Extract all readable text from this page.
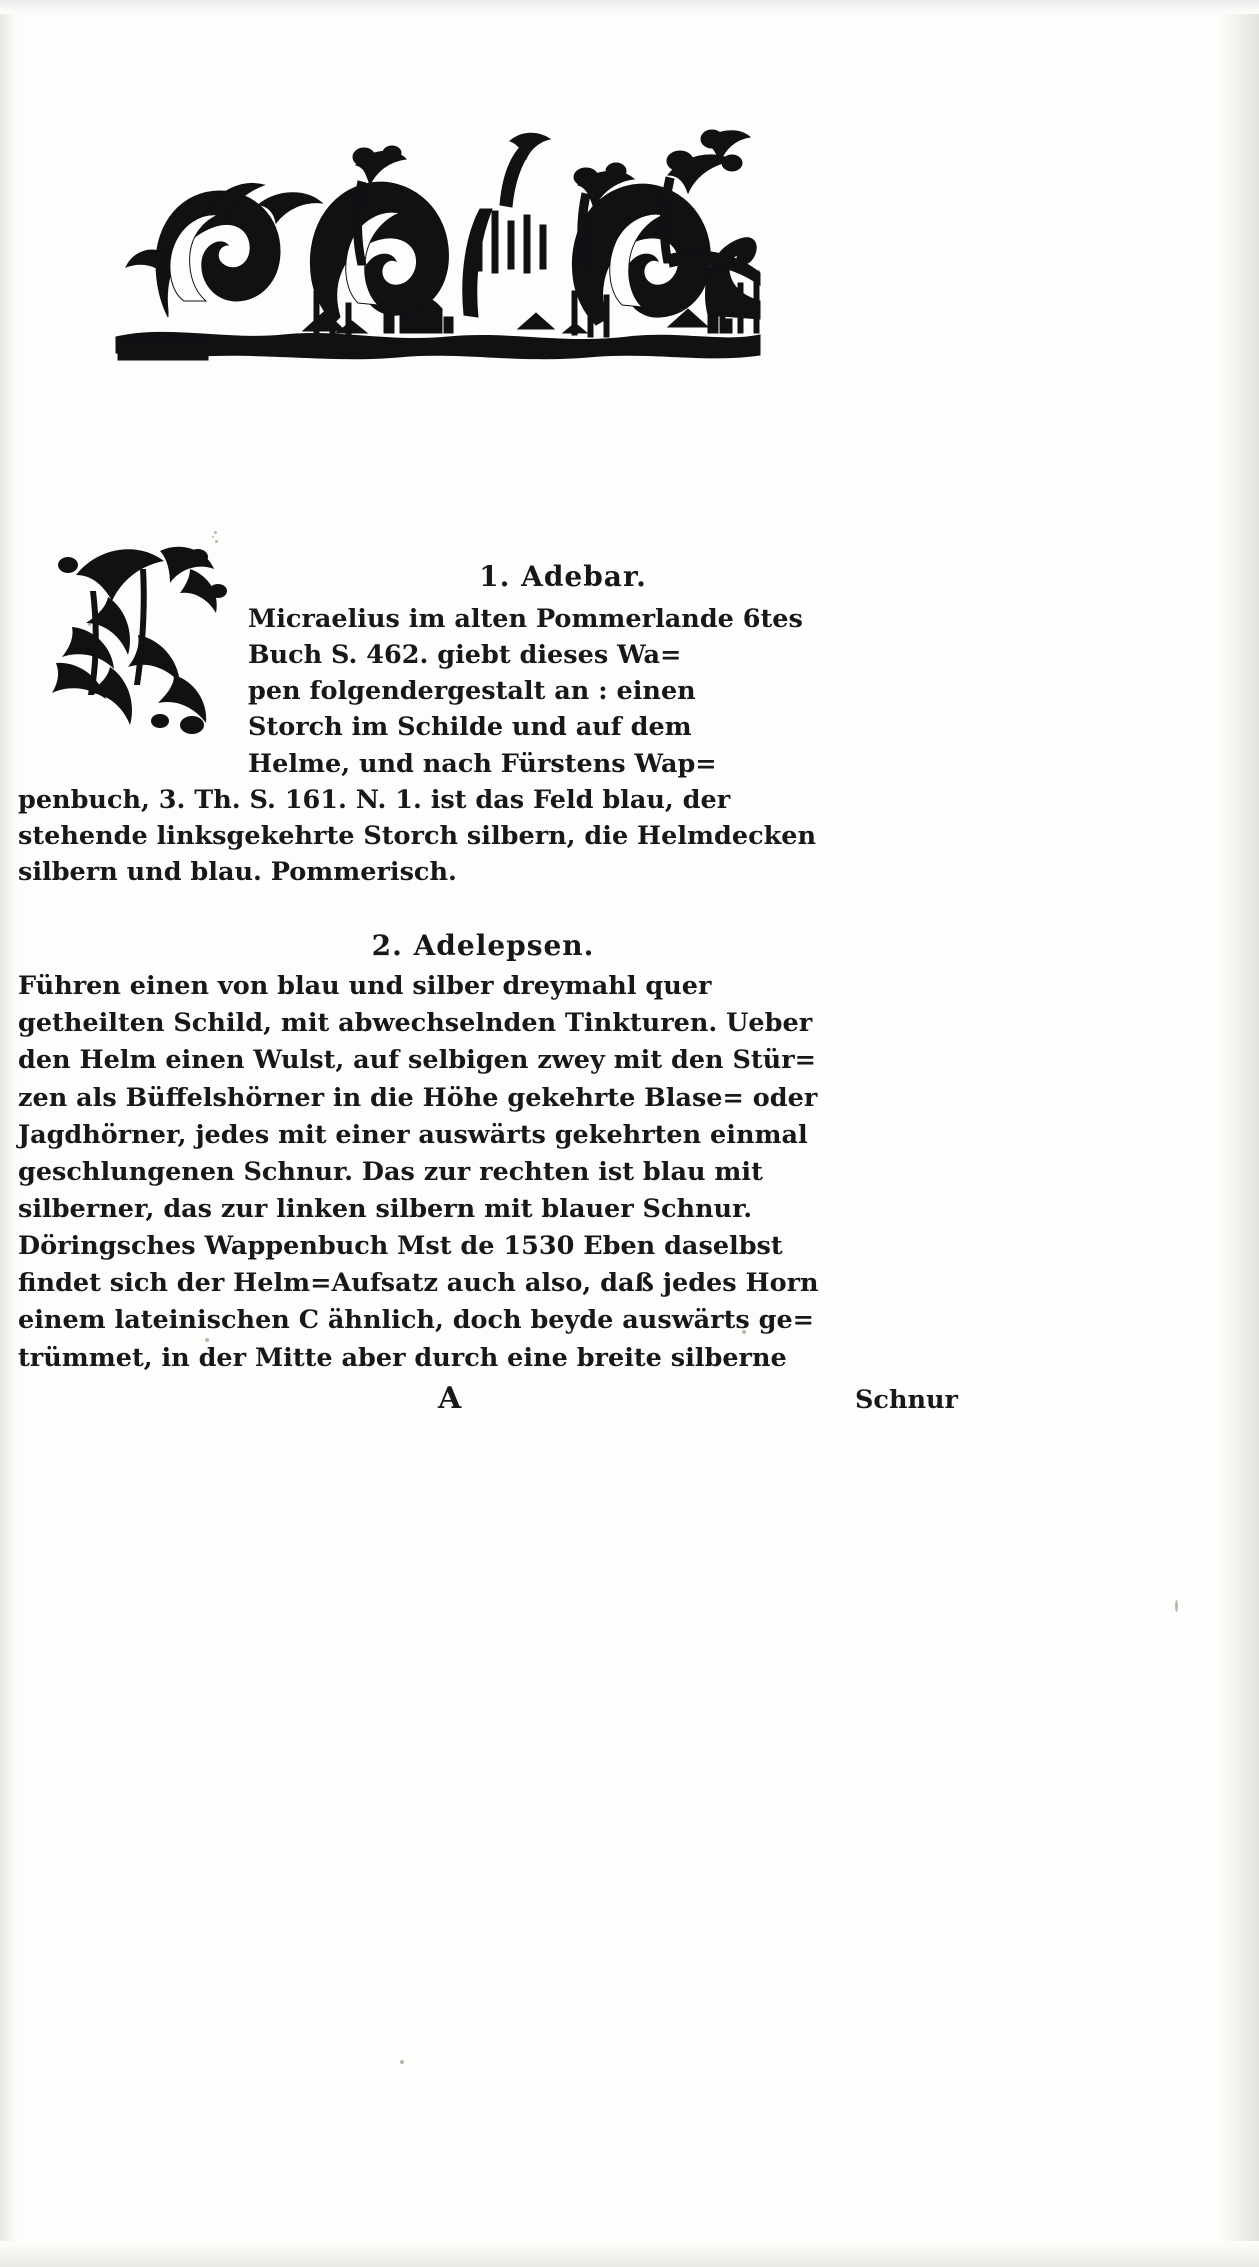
1. Adebar.
Micraelius im alten Pommerlande 6tes
Buch S. 462. giebt dieses Wa=
pen folgendergestalt an : einen
Storch im Schilde und auf dem
Helme, und nach Fürstens Wap=
penbuch, 3. Th. S. 161. N. 1. ist das Feld blau, der
stehende linksgekehrte Storch silbern, die Helmdecken
silbern und blau. Pommerisch.
2. Adelepsen.
Führen einen von blau und silber dreymahl quer
getheilten Schild, mit abwechselnden Tinkturen. Ueber
den Helm einen Wulst, auf selbigen zwey mit den Stür=
zen als Büffelshörner in die Höhe gekehrte Blase= oder
Jagdhörner, jedes mit einer auswärts gekehrten einmal
geschlungenen Schnur. Das zur rechten ist blau mit
silberner, das zur linken silbern mit blauer Schnur.
Döringsches Wappenbuch Mst de 1530 Eben daselbst
findet sich der Helm=Aufsatz auch also, daß jedes Horn
einem lateinischen C ähnlich, doch beyde auswärts ge=
trümmet, in der Mitte aber durch eine breite silberne
A	Schnur
